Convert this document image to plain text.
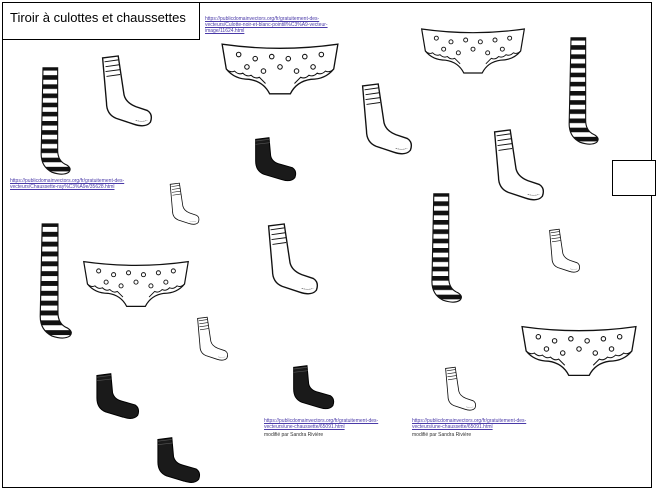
Tiroir à culottes et chaussettes	https://publicdomainvectors.org/fr/gratuitement-des-vecteurs/Culotte-noir-et-blanc-pointill%C3%A9-vecteur-image/11624.html
https://publicdomainvectors.org/fr/gratuitement-des-vecteurs/Chaussette-ray%C3%A9e/35628.html
https://publicdomainvectors.org/fr/gratuitement-des-vecteurs/une-chaussette/65091.html
modifié par Sandra Rivière
https://publicdomainvectors.org/fr/gratuitement-des-vecteurs/une-chaussette/65091.html
modifié par Sandra Rivière
